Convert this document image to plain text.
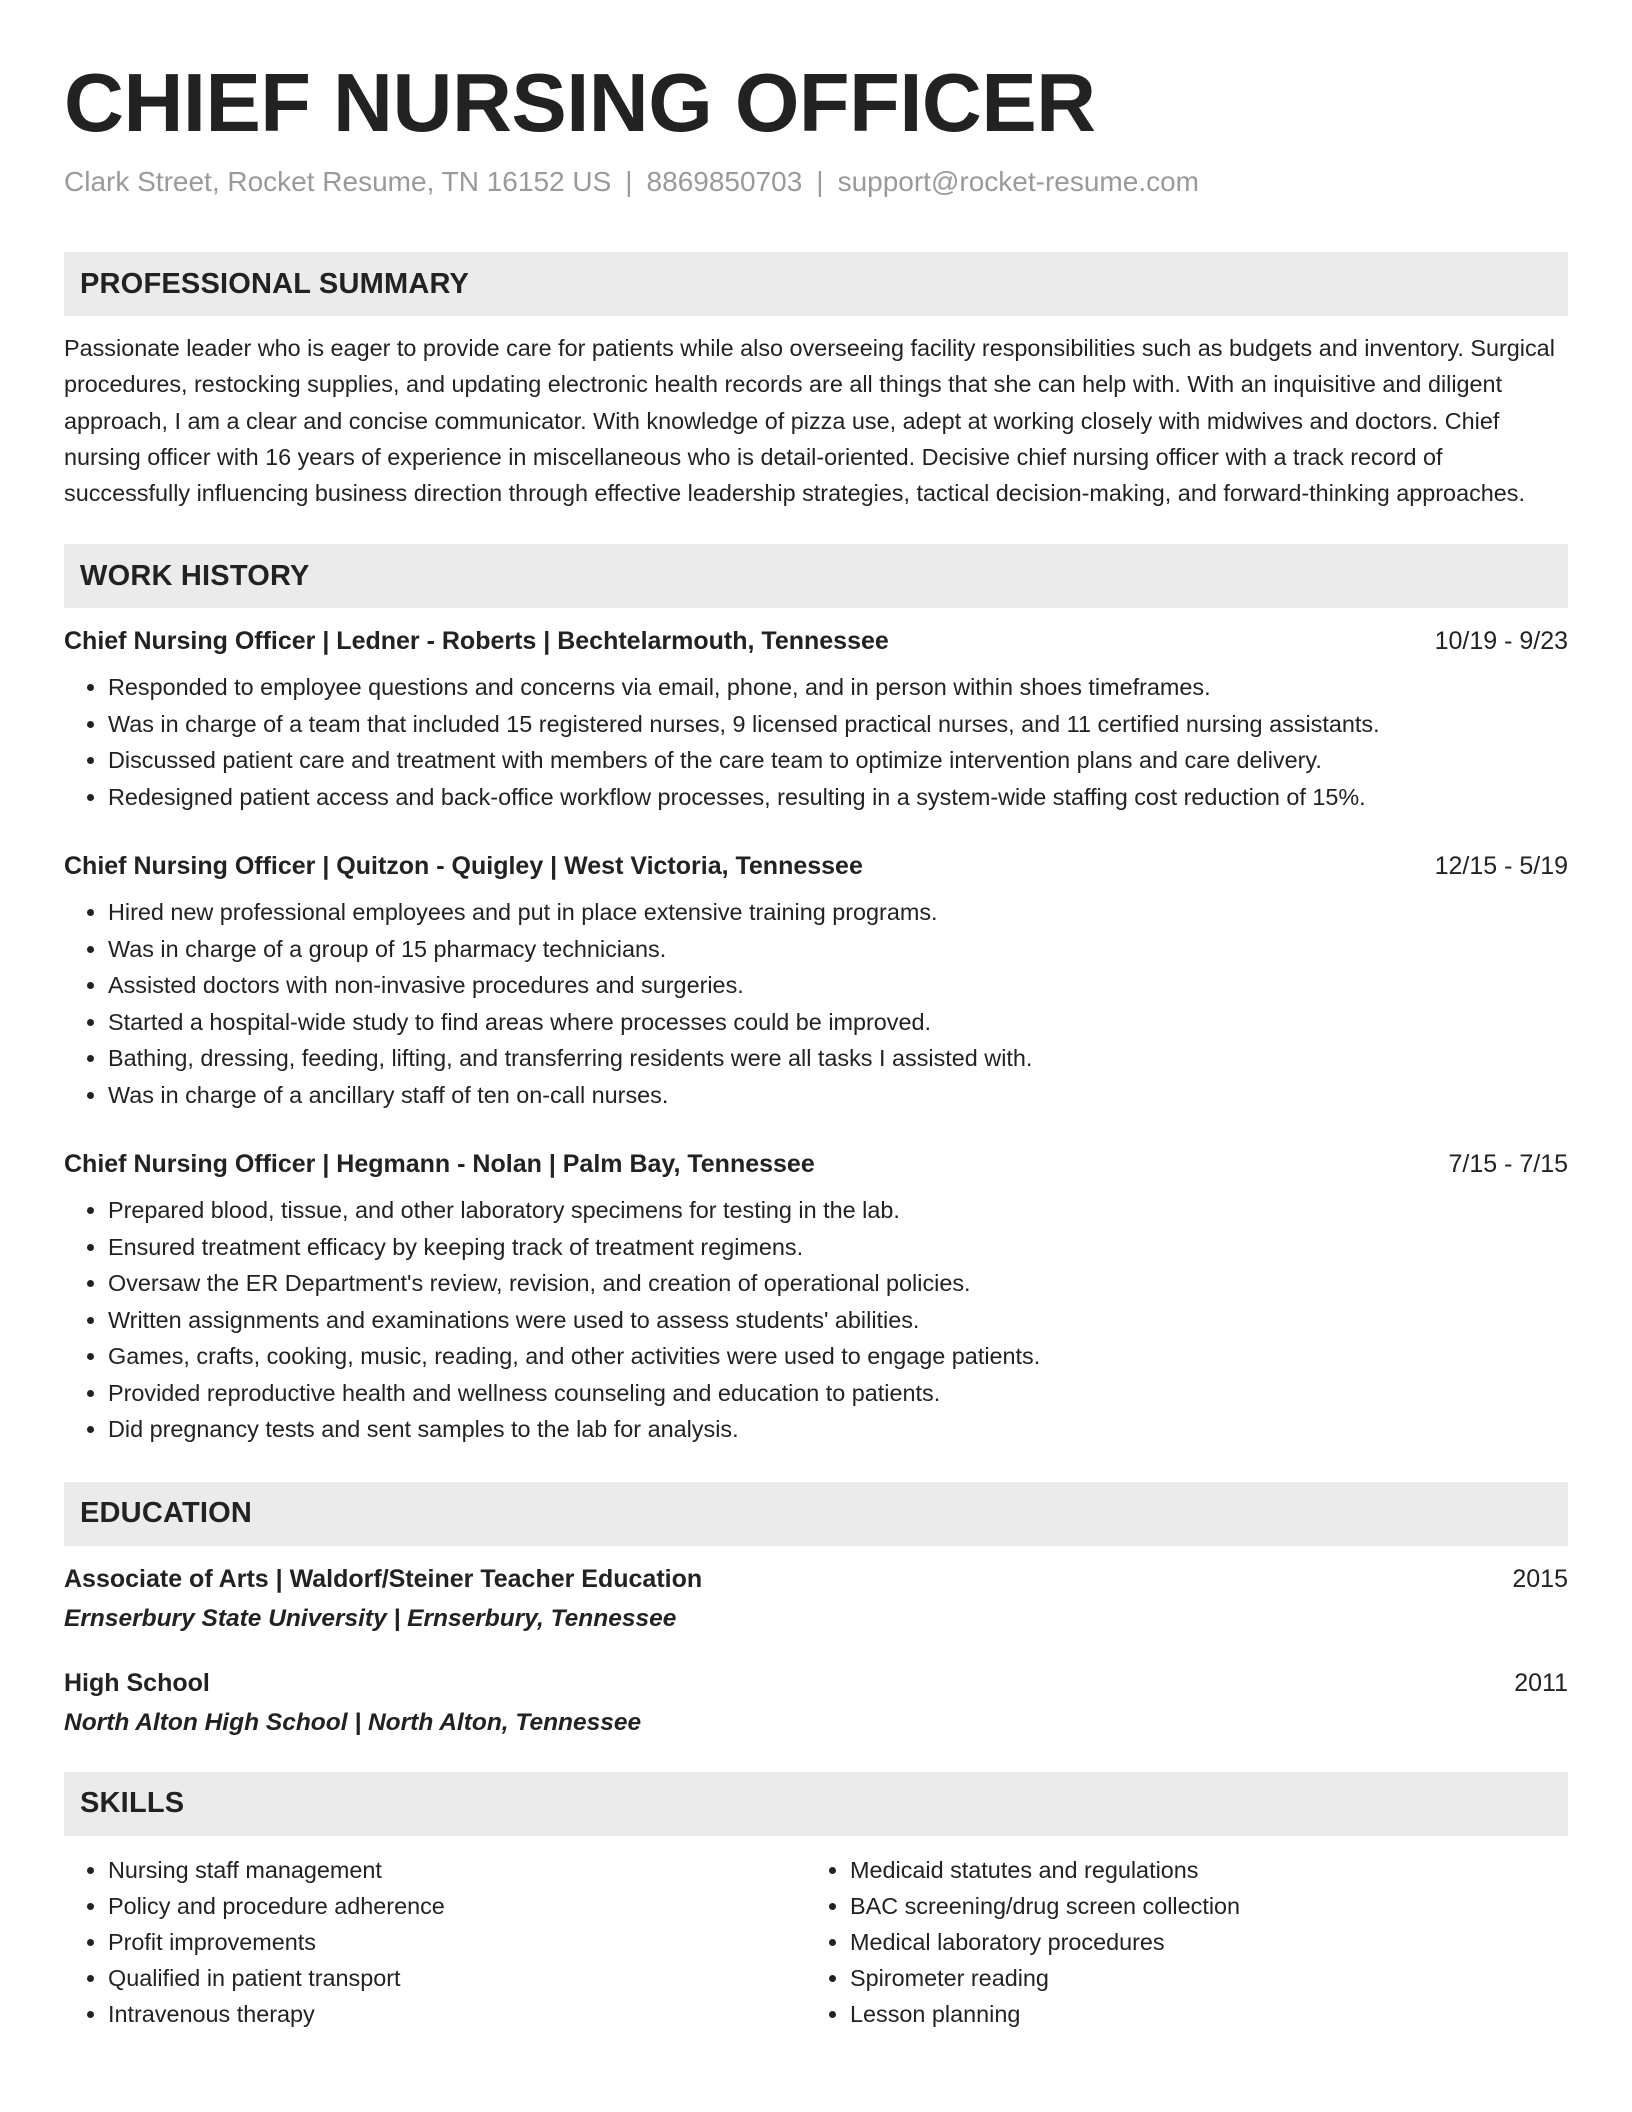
CHIEF NURSING OFFICER
Clark Street, Rocket Resume, TN 16152 US | 8869850703 | support@rocket-resume.com
PROFESSIONAL SUMMARY

Passionate leader who is eager to provide care for patients while also overseeing facility responsibilities such as budgets and inventory. Surgical procedures, restocking supplies, and updating electronic health records are all things that she can help with. With an inquisitive and diligent approach, I am a clear and concise communicator. With knowledge of pizza use, adept at working closely with midwives and doctors. Chief nursing officer with 16 years of experience in miscellaneous who is detail-oriented. Decisive chief nursing officer with a track record of successfully influencing business direction through effective leadership strategies, tactical decision-making, and forward-thinking approaches.

WORK HISTORY
Chief Nursing Officer | Ledner - Roberts | Bechtelarmouth, Tennessee	10/19 - 9/23
• Responded to employee questions and concerns via email, phone, and in person within shoes timeframes.
• Was in charge of a team that included 15 registered nurses, 9 licensed practical nurses, and 11 certified nursing assistants.
• Discussed patient care and treatment with members of the care team to optimize intervention plans and care delivery.
• Redesigned patient access and back-office workflow processes, resulting in a system-wide staffing cost reduction of 15%.
Chief Nursing Officer | Quitzon - Quigley | West Victoria, Tennessee	12/15 - 5/19
• Hired new professional employees and put in place extensive training programs.
• Was in charge of a group of 15 pharmacy technicians.
• Assisted doctors with non-invasive procedures and surgeries.
• Started a hospital-wide study to find areas where processes could be improved.
• Bathing, dressing, feeding, lifting, and transferring residents were all tasks I assisted with.
• Was in charge of a ancillary staff of ten on-call nurses.
Chief Nursing Officer | Hegmann - Nolan | Palm Bay, Tennessee	7/15 - 7/15
• Prepared blood, tissue, and other laboratory specimens for testing in the lab.
• Ensured treatment efficacy by keeping track of treatment regimens.
• Oversaw the ER Department's review, revision, and creation of operational policies.
• Written assignments and examinations were used to assess students' abilities.
• Games, crafts, cooking, music, reading, and other activities were used to engage patients.
• Provided reproductive health and wellness counseling and education to patients.
• Did pregnancy tests and sent samples to the lab for analysis.
EDUCATION
Associate of Arts | Waldorf/Steiner Teacher Education	2015
Ernserbury State University | Ernserbury, Tennessee
High School	2011
North Alton High School | North Alton, Tennessee
SKILLS
• Nursing staff management
• Policy and procedure adherence
• Profit improvements
• Qualified in patient transport
• Intravenous therapy
• Medicaid statutes and regulations
• BAC screening/drug screen collection
• Medical laboratory procedures
• Spirometer reading
• Lesson planning
